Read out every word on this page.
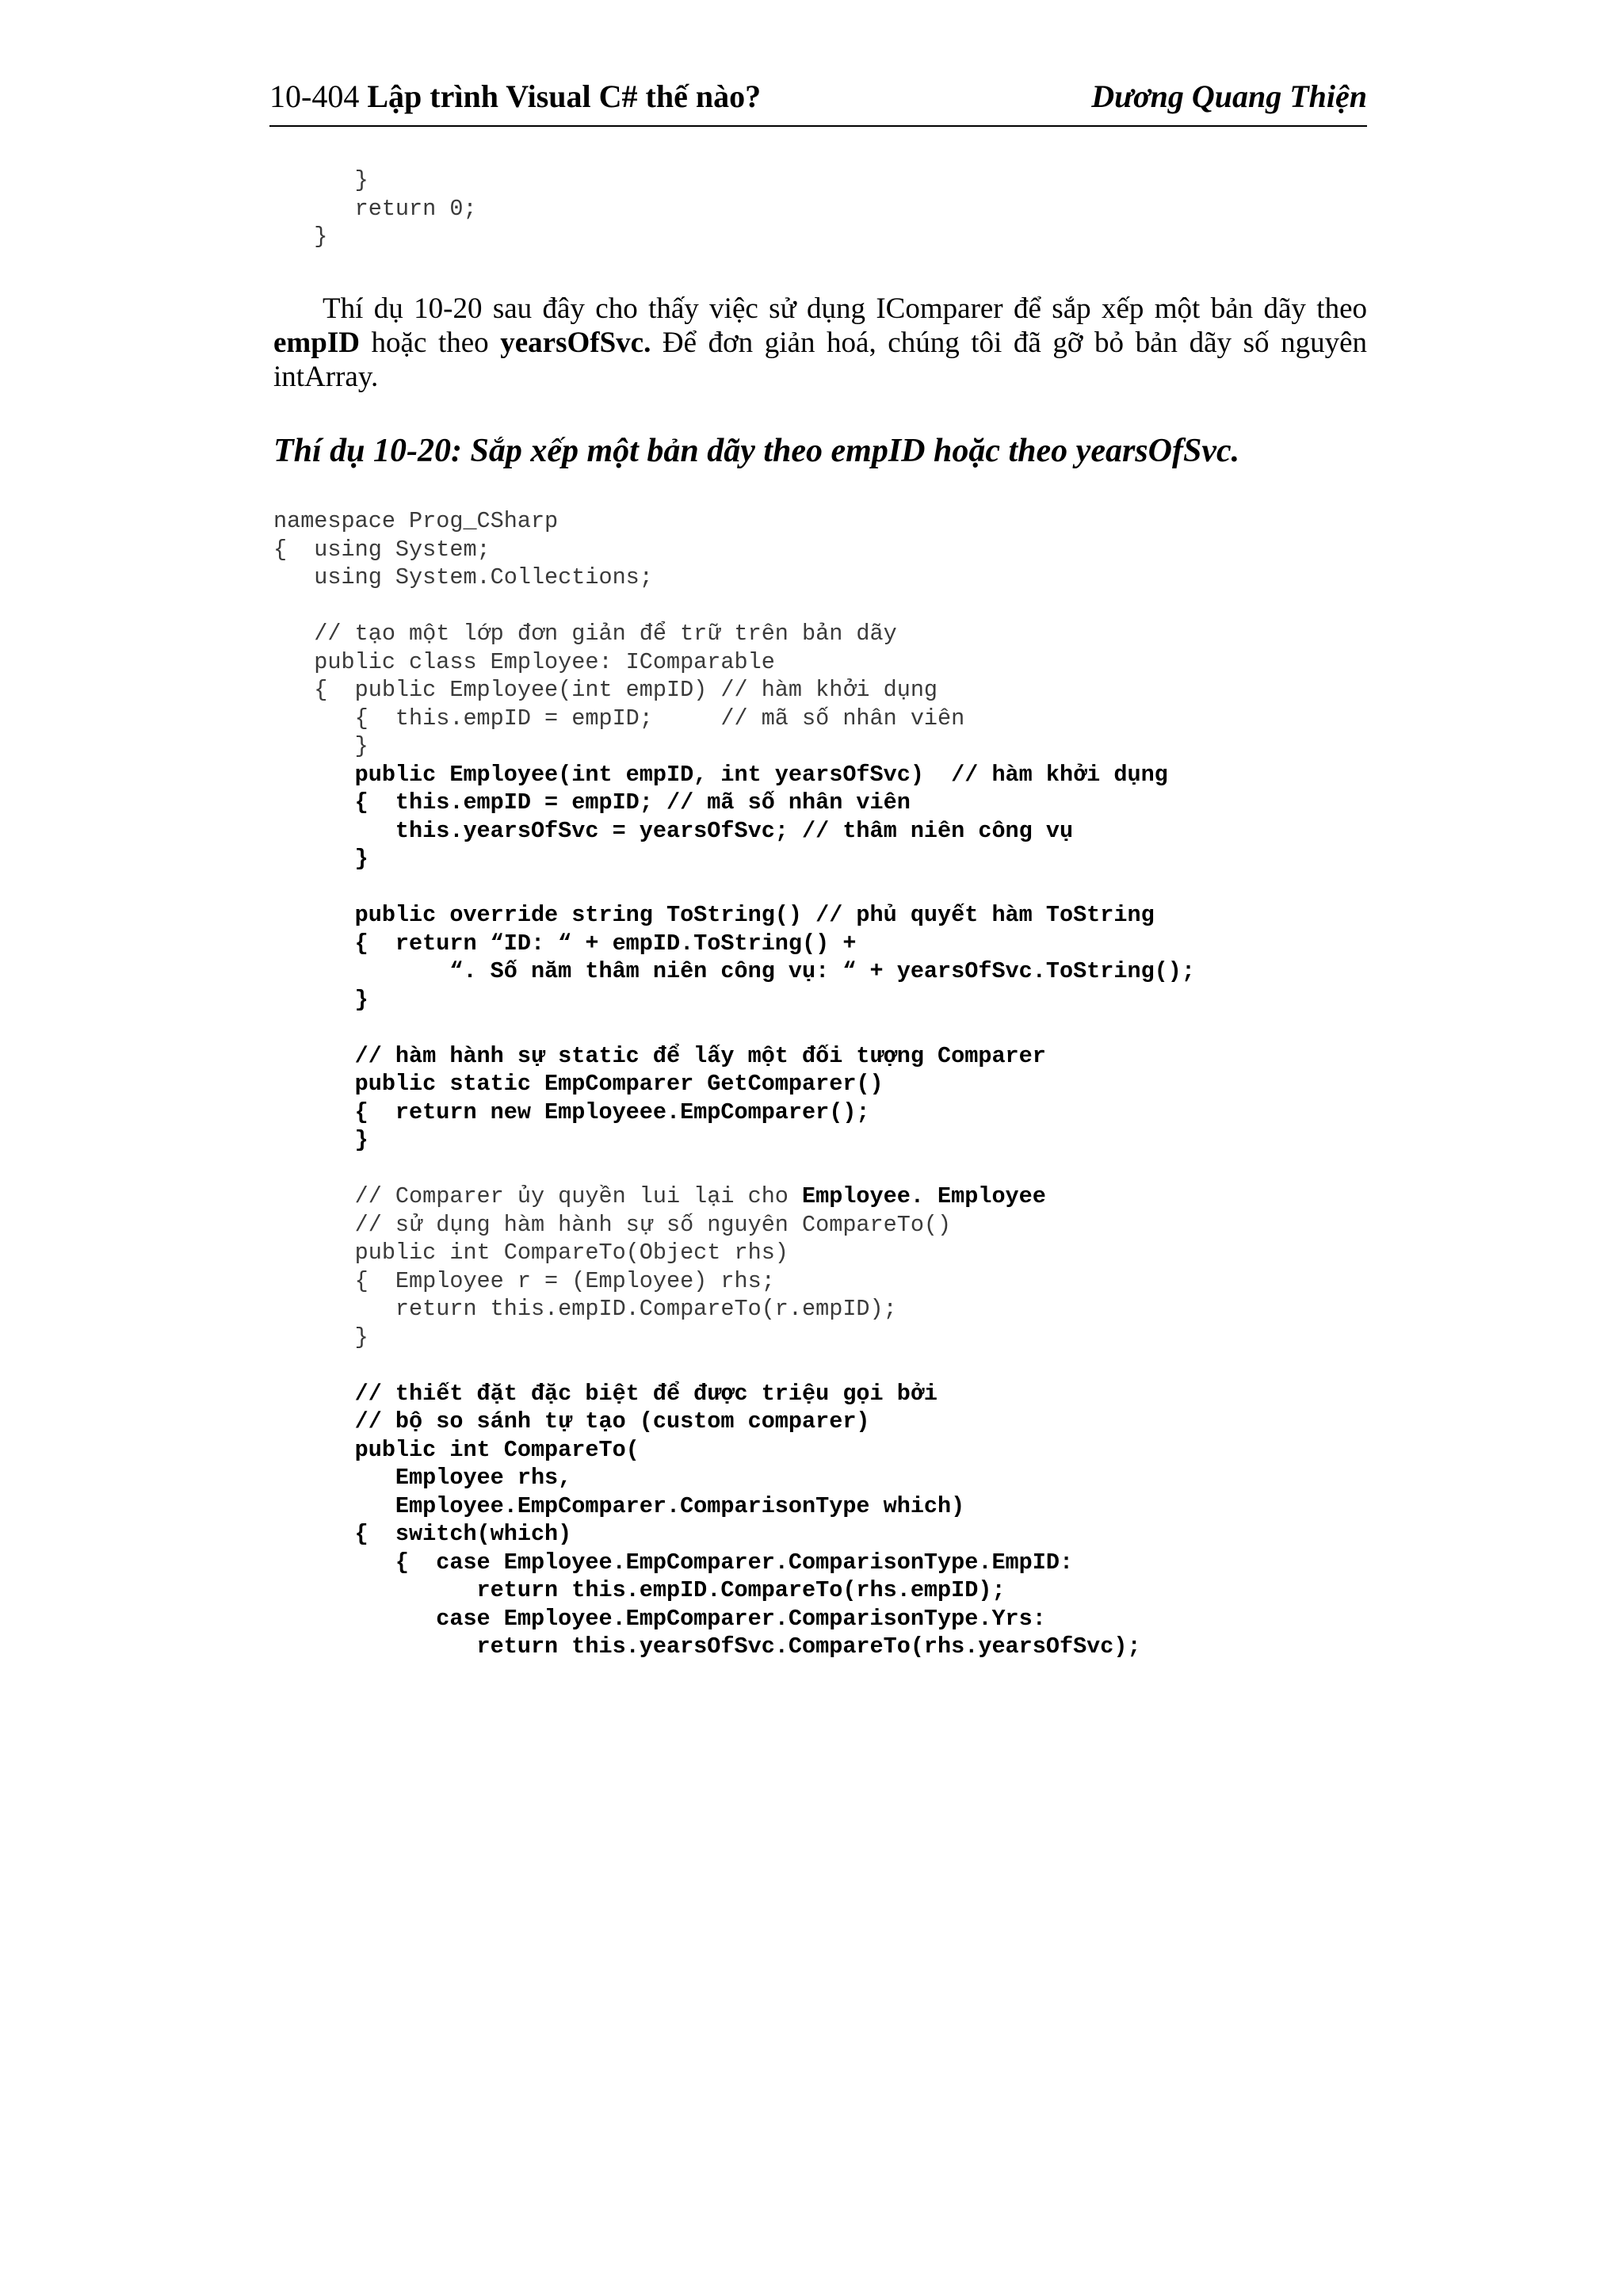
10-404 Lập trình Visual C# thế nào?	Dương Quang Thiện
}
return 0;
}

Thí dụ 10-20 sau đây cho thấy việc sử dụng IComparer để sắp xếp một bản dãy theo empID hoặc theo yearsOfSvc. Để đơn giản hoá, chúng tôi đã gỡ bỏ bản dãy số nguyên intArray.
Thí dụ 10-20: Sắp xếp một bản dãy theo empID hoặc theo yearsOfSvc.
namespace Prog_CSharp
{  using System;
using System.Collections;

// tạo một lớp đơn giản để trữ trên bản dãy
public class Employee: IComparable
{  public Employee(int empID) // hàm khởi dụng
{  this.empID = empID;     // mã số nhân viên
}
public Employee(int empID, int yearsOfSvc)  // hàm khởi dụng
{  this.empID = empID; // mã số nhân viên
this.yearsOfSvc = yearsOfSvc; // thâm niên công vụ
}

public override string ToString() // phủ quyết hàm ToString
{  return “ID: “ + empID.ToString() +
“. Số năm thâm niên công vụ: “ + yearsOfSvc.ToString();
}

// hàm hành sự static để lấy một đối tượng Comparer
public static EmpComparer GetComparer()
{  return new Employeee.EmpComparer();
}

// Comparer ủy quyền lui lại cho Employee. Employee
// sử dụng hàm hành sự số nguyên CompareTo()
public int CompareTo(Object rhs)
{  Employee r = (Employee) rhs;
return this.empID.CompareTo(r.empID);
}

// thiết đặt đặc biệt để được triệu gọi bởi
// bộ so sánh tự tạo (custom comparer)
public int CompareTo(
Employee rhs,
Employee.EmpComparer.ComparisonType which)
{  switch(which)
{  case Employee.EmpComparer.ComparisonType.EmpID:
return this.empID.CompareTo(rhs.empID);
case Employee.EmpComparer.ComparisonType.Yrs:
return this.yearsOfSvc.CompareTo(rhs.yearsOfSvc);
